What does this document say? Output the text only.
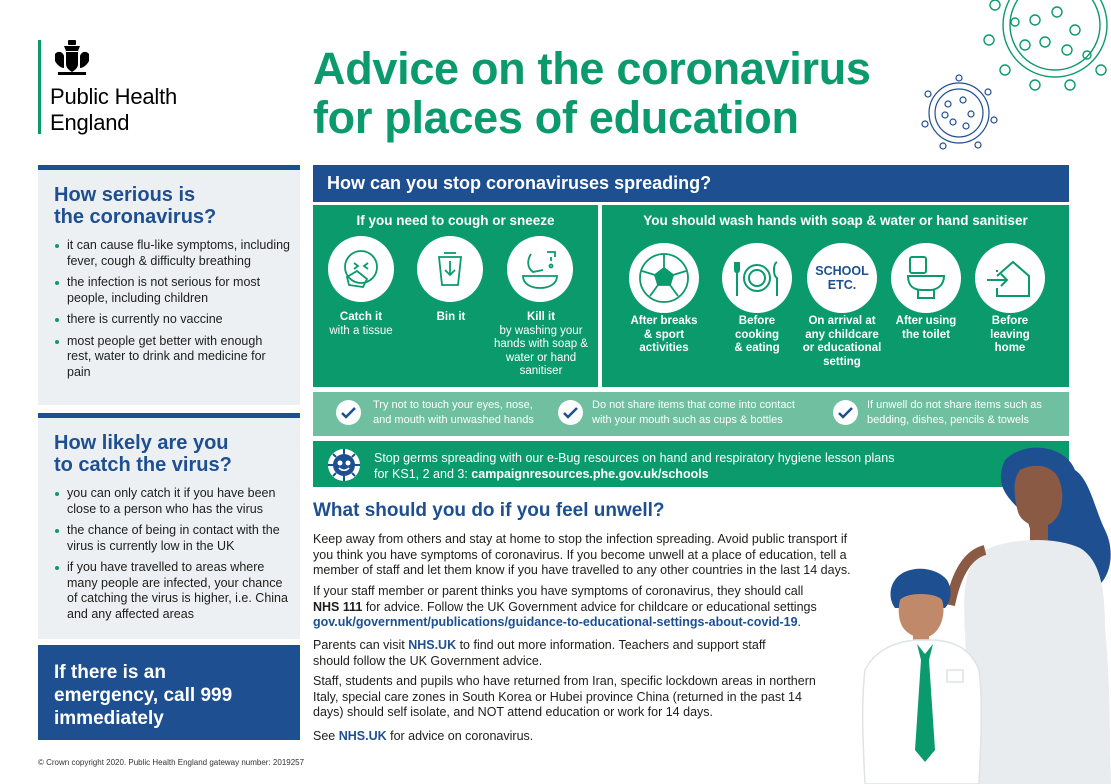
Public Health
England
Advice on the coronavirus
for places of education
How serious is
the coronavirus?
it can cause flu-like symptoms, including fever, cough & difficulty breathing
the infection is not serious for most people, including children
there is currently no vaccine
most people get better with enough rest, water to drink and medicine for pain
How likely are you
to catch the virus?
you can only catch it if you have been close to a person who has the virus
the chance of being in contact with the virus is currently low in the UK
if you have travelled to areas where many people are infected, your chance of catching the virus is higher, i.e. China and any affected areas
If there is an
emergency, call 999
immediately
How can you stop coronaviruses spreading?
If you need to cough or sneeze
Catch it
with a tissue
Bin it	Kill it
by washing your hands with soap & water or hand sanitiser
You should wash hands with soap & water or hand sanitiser
After breaks
& sport
activities
Before
cooking
& eating
SCHOOL ETC.
On arrival at
any childcare
or educational
setting
After using
the toilet
Before
leaving
home
Try not to touch your eyes, nose,
and mouth with unwashed hands
Do not share items that come into contact
with your mouth such as cups & bottles
If unwell do not share items such as
bedding, dishes, pencils & towels
Stop germs spreading with our e-Bug resources on hand and respiratory hygiene lesson plans
for KS1, 2 and 3: campaignresources.phe.gov.uk/schools
What should you do if you feel unwell?
Keep away from others and stay at home to stop the infection spreading. Avoid public transport if you think you have symptoms of coronavirus. If you become unwell at a place of education, tell a member of staff and let them know if you have travelled to any other countries in the last 14 days.
If your staff member or parent thinks you have symptoms of coronavirus, they should call
NHS 111 for advice. Follow the UK Government advice for childcare or educational settings
gov.uk/government/publications/guidance-to-educational-settings-about-covid-19.
Parents can visit NHS.UK to find out more information. Teachers and support staff should follow the UK Government advice.
Staff, students and pupils who have returned from Iran, specific lockdown areas in northern Italy, special care zones in South Korea or Hubei province China (returned in the past 14 days) should self isolate, and NOT attend education or work for 14 days.
See NHS.UK for advice on coronavirus.
© Crown copyright 2020. Public Health England gateway number: 2019257
